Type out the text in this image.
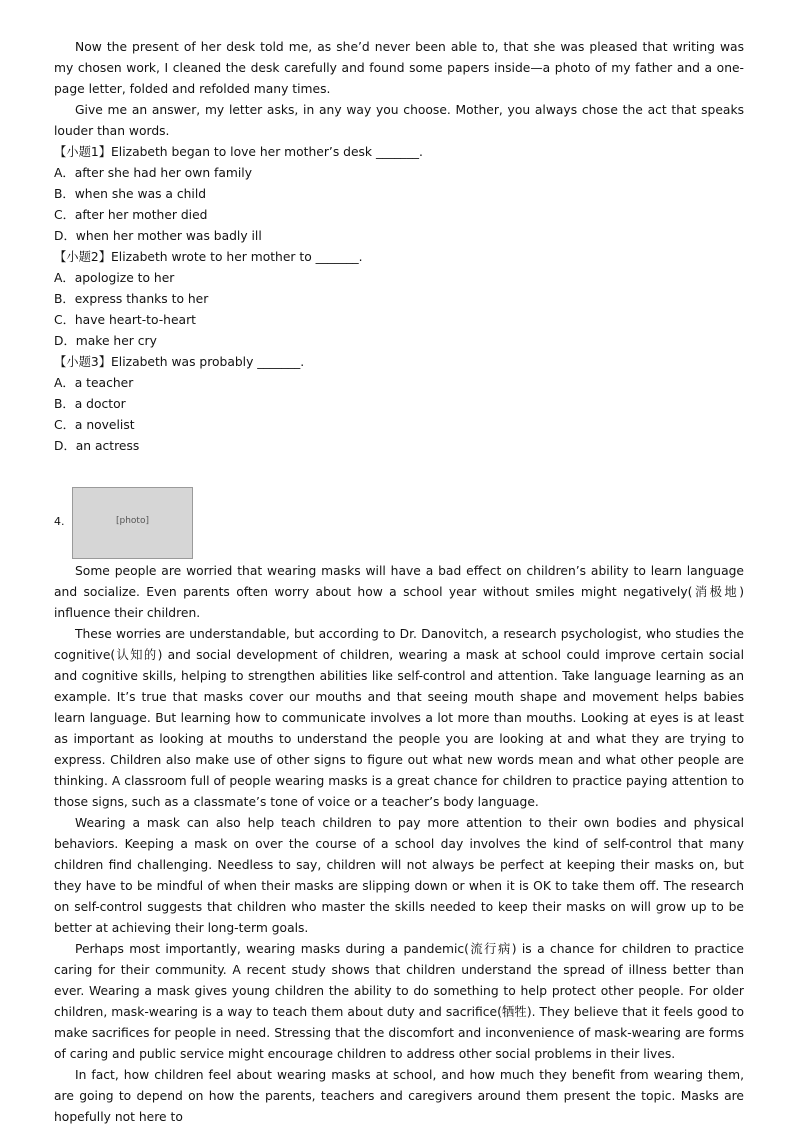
Now the present of her desk told me, as she’d never been able to, that she was pleased that writing was my chosen work, I cleaned the desk carefully and found some papers inside—a photo of my father and a one-page letter, folded and refolded many times.

Give me an answer, my letter asks, in any way you choose. Mother, you always chose the act that speaks louder than words.

【小题1】Elizabeth began to love her mother’s desk _______.
A．after she had her own family
B．when she was a child
C．after her mother died
D．when her mother was badly ill
【小题2】Elizabeth wrote to her mother to _______.
A．apologize to her
B．express thanks to her
C．have heart-to-heart
D．make her cry
【小题3】Elizabeth was probably _______.
A．a teacher
B．a doctor
C．a novelist
D．an actress
4.	[photo]

Some people are worried that wearing masks will have a bad effect on children’s ability to learn language and socialize. Even parents often worry about how a school year without smiles might negatively(消极地) influence their children.

These worries are understandable, but according to Dr. Danovitch, a research psychologist, who studies the cognitive(认知的) and social development of children, wearing a mask at school could improve certain social and cognitive skills, helping to strengthen abilities like self-control and attention. Take language learning as an example. It’s true that masks cover our mouths and that seeing mouth shape and movement helps babies learn language. But learning how to communicate involves a lot more than mouths. Looking at eyes is at least as important as looking at mouths to understand the people you are looking at and what they are trying to express. Children also make use of other signs to figure out what new words mean and what other people are thinking. A classroom full of people wearing masks is a great chance for children to practice paying attention to those signs, such as a classmate’s tone of voice or a teacher’s body language.

Wearing a mask can also help teach children to pay more attention to their own bodies and physical behaviors. Keeping a mask on over the course of a school day involves the kind of self-control that many children find challenging. Needless to say, children will not always be perfect at keeping their masks on, but they have to be mindful of when their masks are slipping down or when it is OK to take them off. The research on self-control suggests that children who master the skills needed to keep their masks on will grow up to be better at achieving their long-term goals.

Perhaps most importantly, wearing masks during a pandemic(流行病) is a chance for children to practice caring for their community. A recent study shows that children understand the spread of illness better than ever. Wearing a mask gives young children the ability to do something to help protect other people. For older children, mask-wearing is a way to teach them about duty and sacrifice(牺牲). They believe that it feels good to make sacrifices for people in need. Stressing that the discomfort and inconvenience of mask-wearing are forms of caring and public service might encourage children to address other social problems in their lives.

In fact, how children feel about wearing masks at school, and how much they benefit from wearing them, are going to depend on how the parents, teachers and caregivers around them present the topic. Masks are hopefully not here to
